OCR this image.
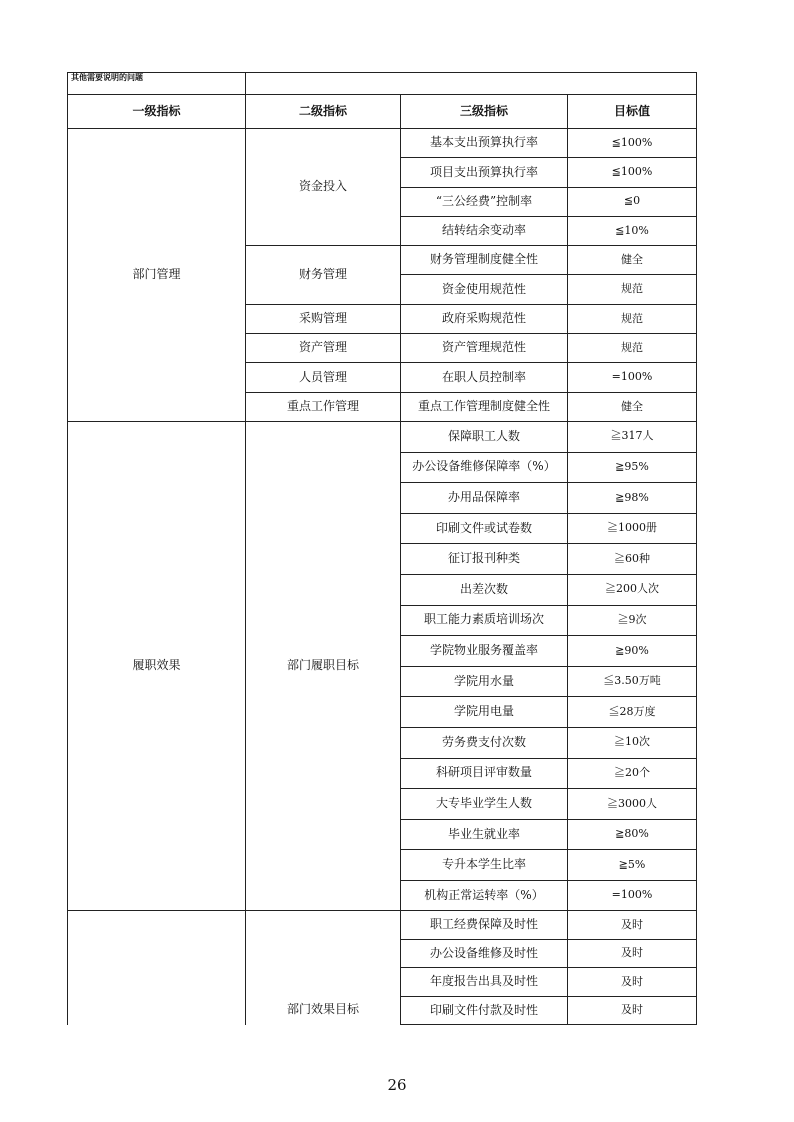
其他需要说明的问题			
一级指标	二级指标	三级指标	目标值
部门管理	资金投入	基本支出预算执行率	≦100%
		项目支出预算执行率	≦100%
		“三公经费”控制率	≦0
		结转结余变动率	≦10%
	财务管理	财务管理制度健全性	健全
		资金使用规范性	规范
	采购管理	政府采购规范性	规范
	资产管理	资产管理规范性	规范
	人员管理	在职人员控制率	=100%
	重点工作管理	重点工作管理制度健全性	健全
履职效果	部门履职目标	保障职工人数	≧317人
		办公设备维修保障率（%）	≧95%
		办用品保障率	≧98%
		印刷文件或试卷数	≧1000册
		征订报刊种类	≧60种
		出差次数	≧200人次
		职工能力素质培训场次	≧9次
		学院物业服务覆盖率	≧90%
		学院用水量	≦3.50万吨
		学院用电量	≦28万度
		劳务费支付次数	≧10次
		科研项目评审数量	≧20个
		大专毕业学生人数	≧3000人
		毕业生就业率	≧80%
		专升本学生比率	≧5%
		机构正常运转率（%）	=100%
	部门效果目标	职工经费保障及时性	及时
		办公设备维修及时性	及时
		年度报告出具及时性	及时
		印刷文件付款及时性	及时
26
